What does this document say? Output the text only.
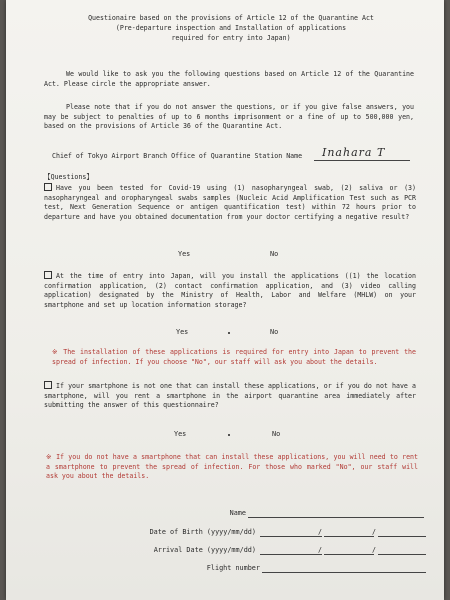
Questionaire based on the provisions of Article 12 of the Quarantine Act
(Pre-departure inspection and Installation of applications
required for entry into Japan)

We would like to ask you the following questions based on Article 12 of the Quarantine Act. Please circle the appropriate answer.

Please note that if you do not answer the questions, or if you give false answers, you may be subject to penalties of up to 6 months imprisonment or a fine of up to 500,000 yen, based on the provisions of Article 36 of the Quarantine Act.

Chief of Tokyo Airport Branch Office of Quarantine Station Name Inahara T
【Questions】
Have you been tested for Covid-19 using (1) nasopharyngeal swab, (2) saliva or (3) nasopharyngeal and oropharyngeal swabs samples (Nucleic Acid Amplification Test such as PCR test, Next Generation Sequence or antigen quantification test) within 72 hours prior to departure and have you obtained documentation from your doctor certifying a negative result?
Yes	No
At the time of entry into Japan, will you install the applications ((1) the location confirmation application, (2) contact confirmation application, and (3) video calling application) designated by the Ministry of Health, Labor and Welfare (MHLW) on your smartphone and set up location information storage?
Yes	No

※ The installation of these applications is required for entry into Japan to prevent the spread of infection. If you choose "No", our staff will ask you about the details.

If your smartphone is not one that can install these applications, or if you do not have a smartphone, will you rent a smartphone in the airport quarantine area immediately after submitting the answer of this questionnaire?
Yes	No

※ If you do not have a smartphone that can install these applications, you will need to rent a smartphone to prevent the spread of infection. For those who marked "No", our staff will ask you about the details.

Name
Date of Birth (yyyy/mm/dd)	/	/
Arrival Date (yyyy/mm/dd)	/	/
Flight number
